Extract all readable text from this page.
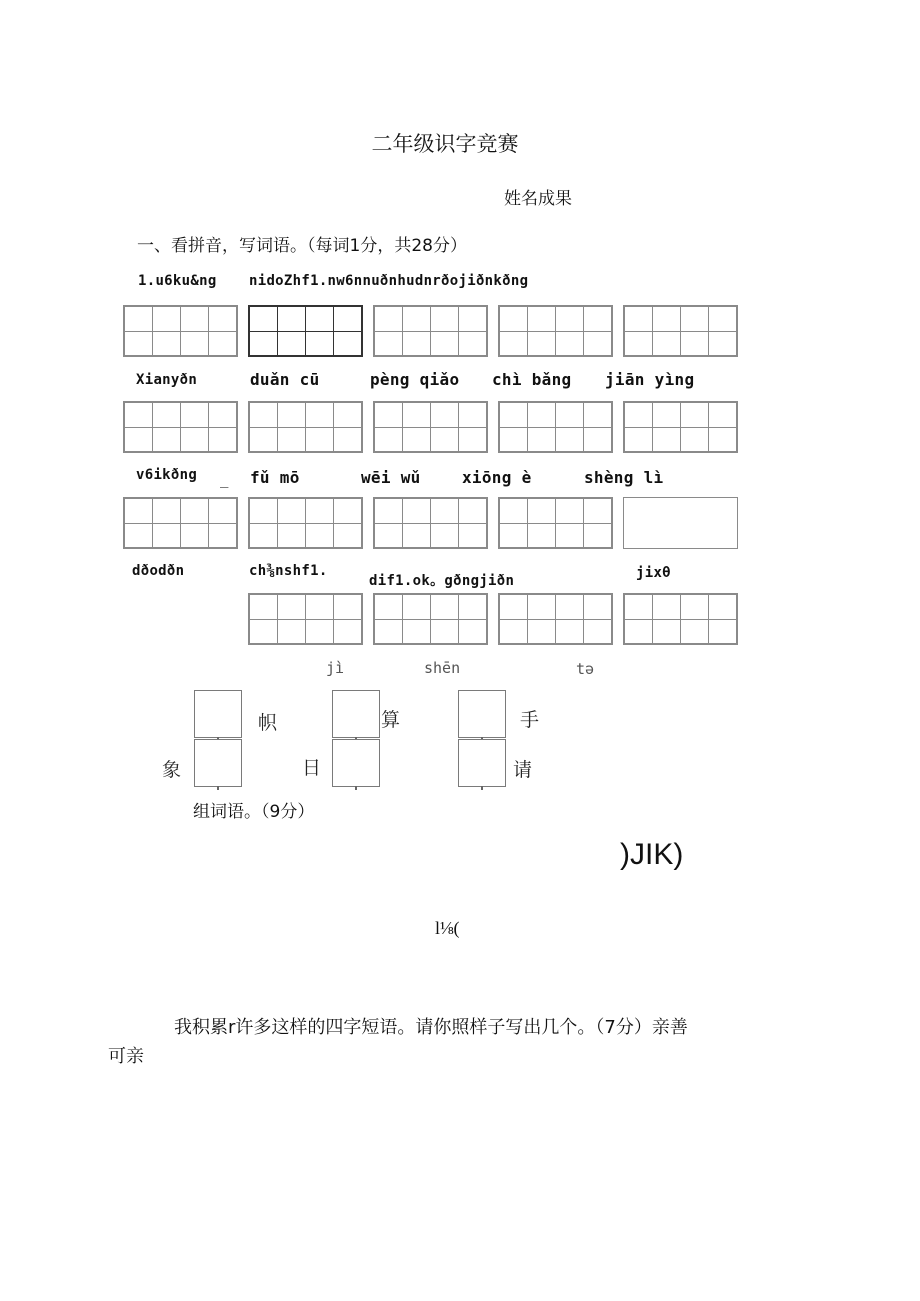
二年级识字竞赛
姓名成果
一、看拼音，写词语。（每词1分，共28分）
1.u6ku&ng nidoZhf1.nw6nnuðnhudnrðojiðnkðng
Xianyðn	duǎn cū	pèng qiǎo chì bǎng jiān yìng
v6ikðng _ fǔ mō	wēi wǔ	xiōng è	shèng lì
dðodðn	ch⅜nshf1.
dif1.ok。gðngjiðn	jixθ
jì	shēn	tə
帜	算	手
象	日	请
组词语。（9分）
)JIK)
l⅛(
我积累r许多这样的四字短语。请你照样子写出几个。（7分）亲善
可亲
